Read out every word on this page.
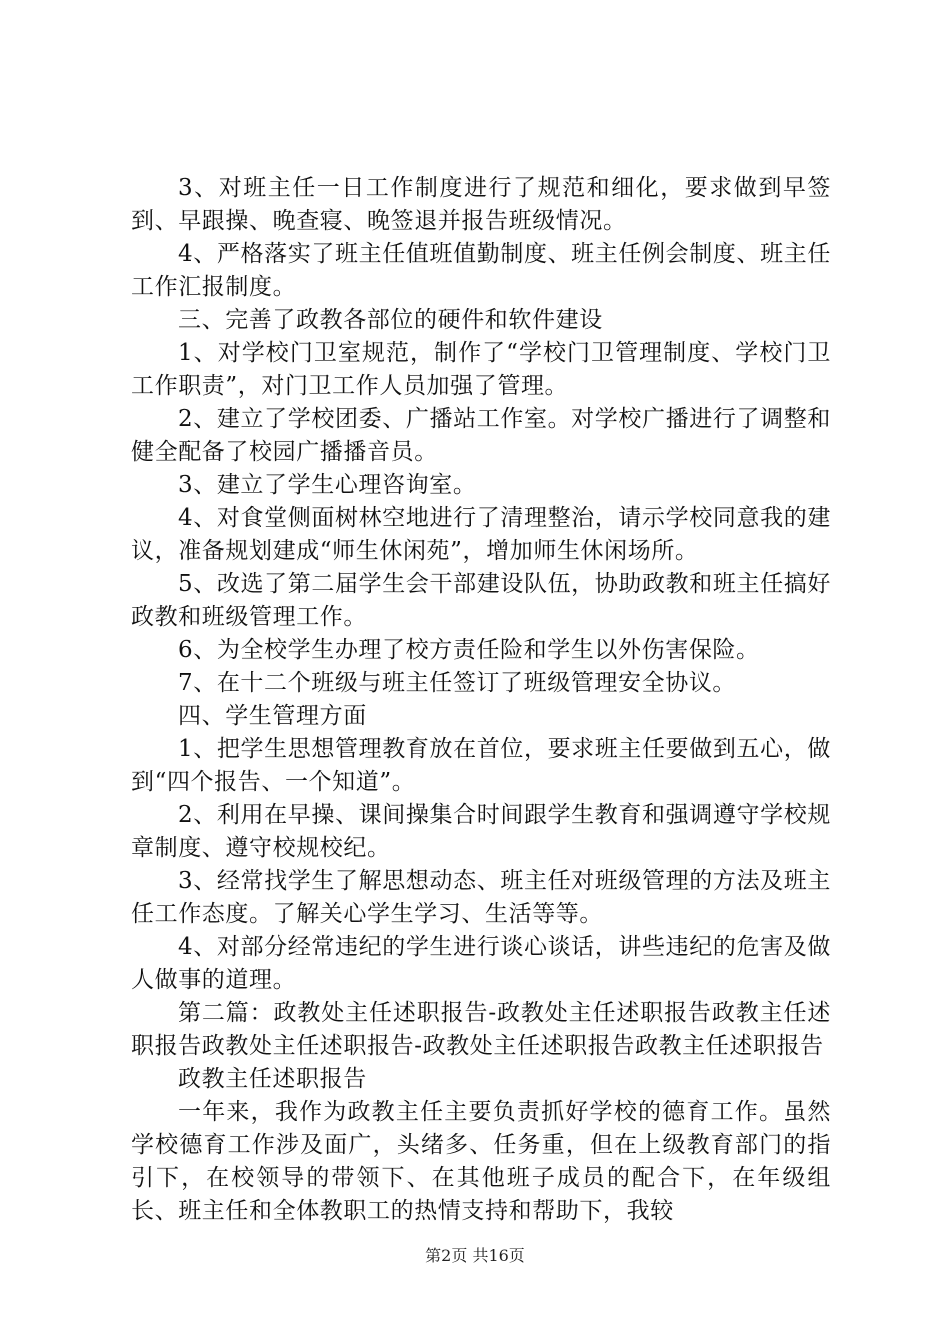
3、对班主任一日工作制度进行了规范和细化，要求做到早签到、早跟操、晚查寝、晚签退并报告班级情况。

4、严格落实了班主任值班值勤制度、班主任例会制度、班主任工作汇报制度。

三、完善了政教各部位的硬件和软件建设

1、对学校门卫室规范，制作了“学校门卫管理制度、学校门卫工作职责”，对门卫工作人员加强了管理。

2、建立了学校团委、广播站工作室。对学校广播进行了调整和健全配备了校园广播播音员。

3、建立了学生心理咨询室。

4、对食堂侧面树林空地进行了清理整治，请示学校同意我的建议，准备规划建成“师生休闲苑”，增加师生休闲场所。

5、改选了第二届学生会干部建设队伍，协助政教和班主任搞好政教和班级管理工作。

6、为全校学生办理了校方责任险和学生以外伤害保险。

7、在十二个班级与班主任签订了班级管理安全协议。

四、学生管理方面

1、把学生思想管理教育放在首位，要求班主任要做到五心，做到“四个报告、一个知道”。

2、利用在早操、课间操集合时间跟学生教育和强调遵守学校规章制度、遵守校规校纪。

3、经常找学生了解思想动态、班主任对班级管理的方法及班主任工作态度。了解关心学生学习、生活等等。

4、对部分经常违纪的学生进行谈心谈话，讲些违纪的危害及做人做事的道理。

第二篇：政教处主任述职报告-政教处主任述职报告政教主任述职报告政教处主任述职报告-政教处主任述职报告政教主任述职报告

政教主任述职报告

一年来，我作为政教主任主要负责抓好学校的德育工作。虽然学校德育工作涉及面广，头绪多、任务重，但在上级教育部门的指引下，在校领导的带领下、在其他班子成员的配合下，在年级组长、班主任和全体教职工的热情支持和帮助下，我较

第2页 共16页
